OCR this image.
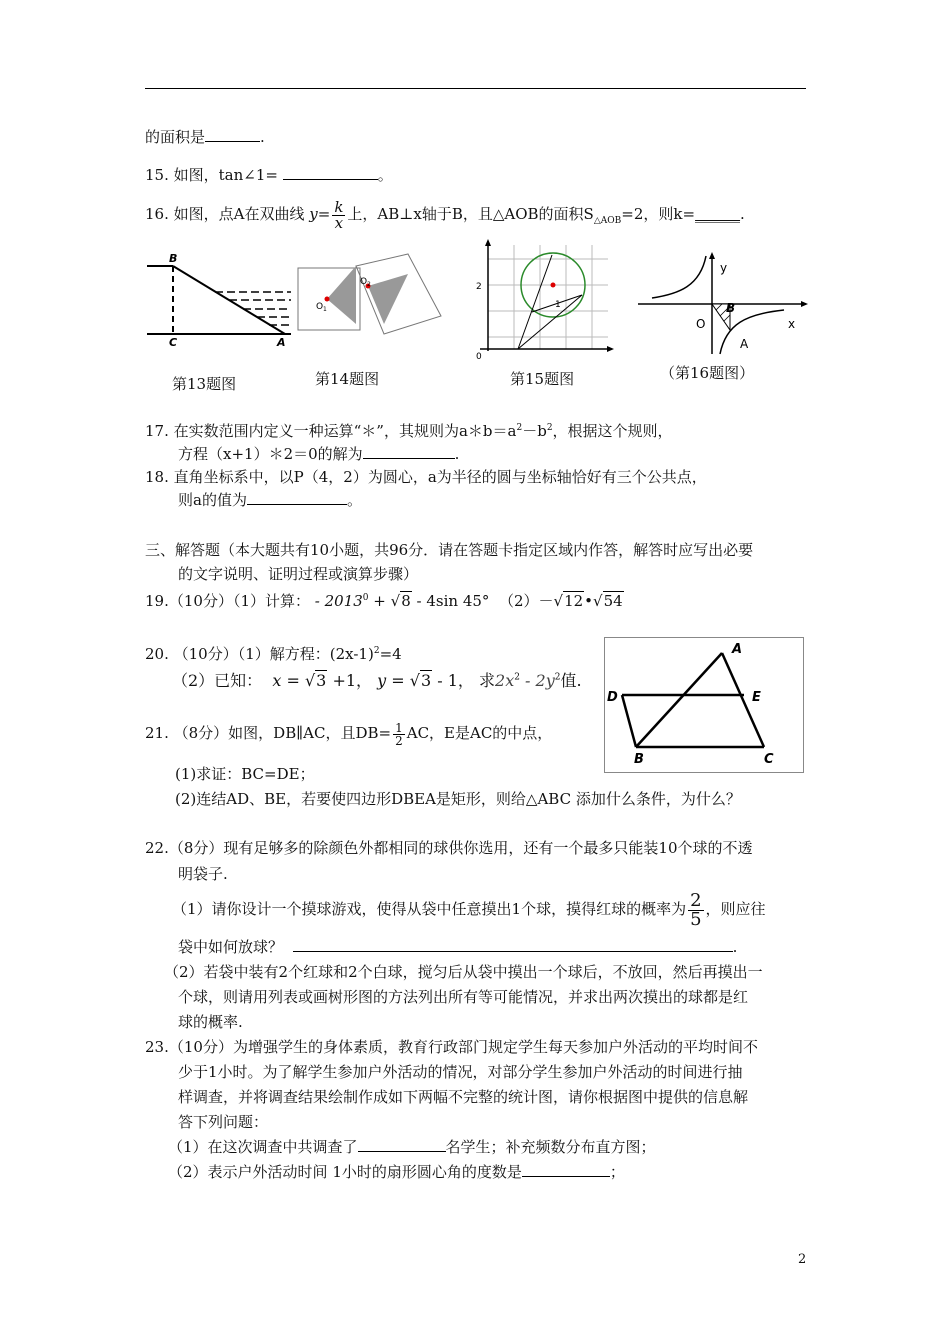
的面积是	.
15. 如图，tan∠1=	。
16. 如图，点A在双曲线 $y= \frac{k}{x}$ 上，AB⊥x轴于B，且△AOB的面积$S_{\triangle AOB}=2$，则k=______.
B
C	A
第13题图
O 1
O 2
第14题图
2
0
1
第15题图
y
O	x
B
A
（第16题图）
17. 在实数范围内定义一种运算“＊”，其规则为$a*b=a^2-b^2$，根据这个规则，
方程（x+1）＊2＝0的解为	.
18. 直角坐标系中，以P（4，2）为圆心，a为半径的圆与坐标轴恰好有三个公共点，
则a的值为	。
三、解答题（本大题共有10小题，共96分．请在答题卡指定区域内作答，解答时应写出必要
的文字说明、证明过程或演算步骤）
19.（10分）（1）计算： - $2013^0 + √8 - 4\sin$ 45° （2）－√12•√54
20. （10分）（1）解方程：$(2x-1)^2=4$
（2）已知： x = √3 +1， y = √3 - 1， 求$2x^2 - 2y^2$值.
A
D	E
B	C
21. （8分）如图，DB∥AC，且$DB= \frac{1}{2}$ AC，E是AC的中点，
(1)求证：BC=DE；
(2)连结AD、BE，若要使四边形DBEA是矩形，则给△ABC 添加什么条件，为什么？
22.（8分）现有足够多的除颜色外都相同的球供你选用，还有一个最多只能装10个球的不透
明袋子.
（1）请你设计一个摸球游戏，使得从袋中任意摸出1个球，摸得红球的概率为 $\frac{2}{5}$ ，则应往
袋中如何放球？	.
（2）若袋中装有2个红球和2个白球，搅匀后从袋中摸出一个球后，不放回，然后再摸出一
个球，则请用列表或画树形图的方法列出所有等可能情况，并求出两次摸出的球都是红
球的概率.
23.（10分）为增强学生的身体素质，教育行政部门规定学生每天参加户外活动的平均时间不
少于1小时。为了解学生参加户外活动的情况，对部分学生参加户外活动的时间进行抽
样调查，并将调查结果绘制作成如下两幅不完整的统计图，请你根据图中提供的信息解
答下列问题：
（1）在这次调查中共调查了	名学生；补充频数分布直方图；
（2）表示户外活动时间 1小时的扇形圆心角的度数是	；
2
